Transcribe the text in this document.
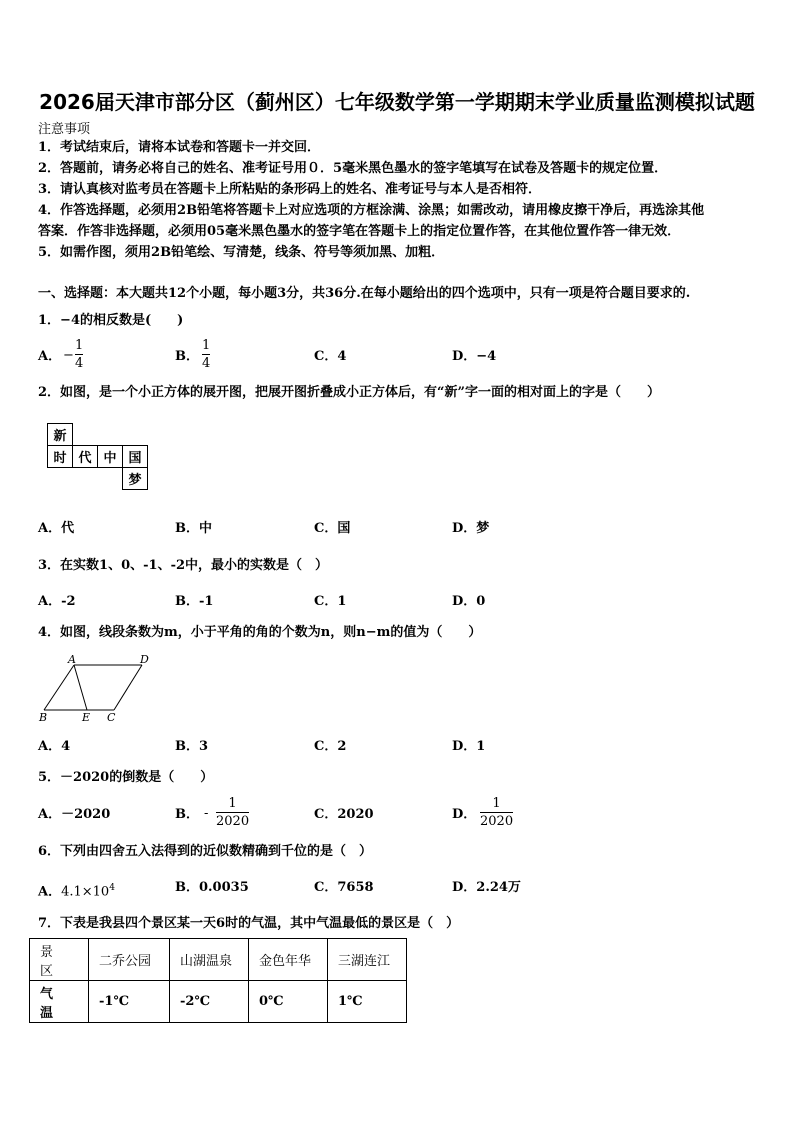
2026届天津市部分区（蓟州区）七年级数学第一学期期末学业质量监测模拟试题
注意事项
1．考试结束后，请将本试卷和答题卡一并交回．
2．答题前，请务必将自己的姓名、准考证号用０．5毫米黑色墨水的签字笔填写在试卷及答题卡的规定位置．
3．请认真核对监考员在答题卡上所粘贴的条形码上的姓名、准考证号与本人是否相符．
4．作答选择题，必须用2B铅笔将答题卡上对应选项的方框涂满、涂黑；如需改动，请用橡皮擦干净后，再选涂其他
答案．作答非选择题，必须用05毫米黑色墨水的签字笔在答题卡上的指定位置作答，在其他位置作答一律无效．
5．如需作图，须用2B铅笔绘、写清楚，线条、符号等须加黑、加粗．
一、选择题：本大题共12个小题，每小题3分，共36分.在每小题给出的四个选项中，只有一项是符合题目要求的.
1．−4的相反数是(　　)
A． −
1
4	B．
1
4	C．4	D．−4
2．如图，是一个小正方体的展开图，把展开图折叠成小正方体后，有“新”字一面的相对面上的字是（　　）
新			
时	代	中	国
			梦
A．代	B．中	C．国	D．梦
3．在实数1、0、-1、-2中，最小的实数是（　）
A．-2	B．-1	C．1	D．0
4．如图，线段条数为m，小于平角的角的个数为n，则n−m的值为（　　）
A	D
B	E C
A．4	B．3	C．2	D．1
5．－2020的倒数是（　　）
A．－2020	B． -
1
2020	C．2020	D．
1
2020
6．下列由四舍五入法得到的近似数精确到千位的是（　）
A．$4.1\times 10^4$	B．0.0035	C．7658	D．2.24万
7．下表是我县四个景区某一天6时的气温，其中气温最低的景区是（　）
景　区	二乔公园	山湖温泉	金色年华	三湖连江
气　温	-1℃	-2℃	0℃	1℃
